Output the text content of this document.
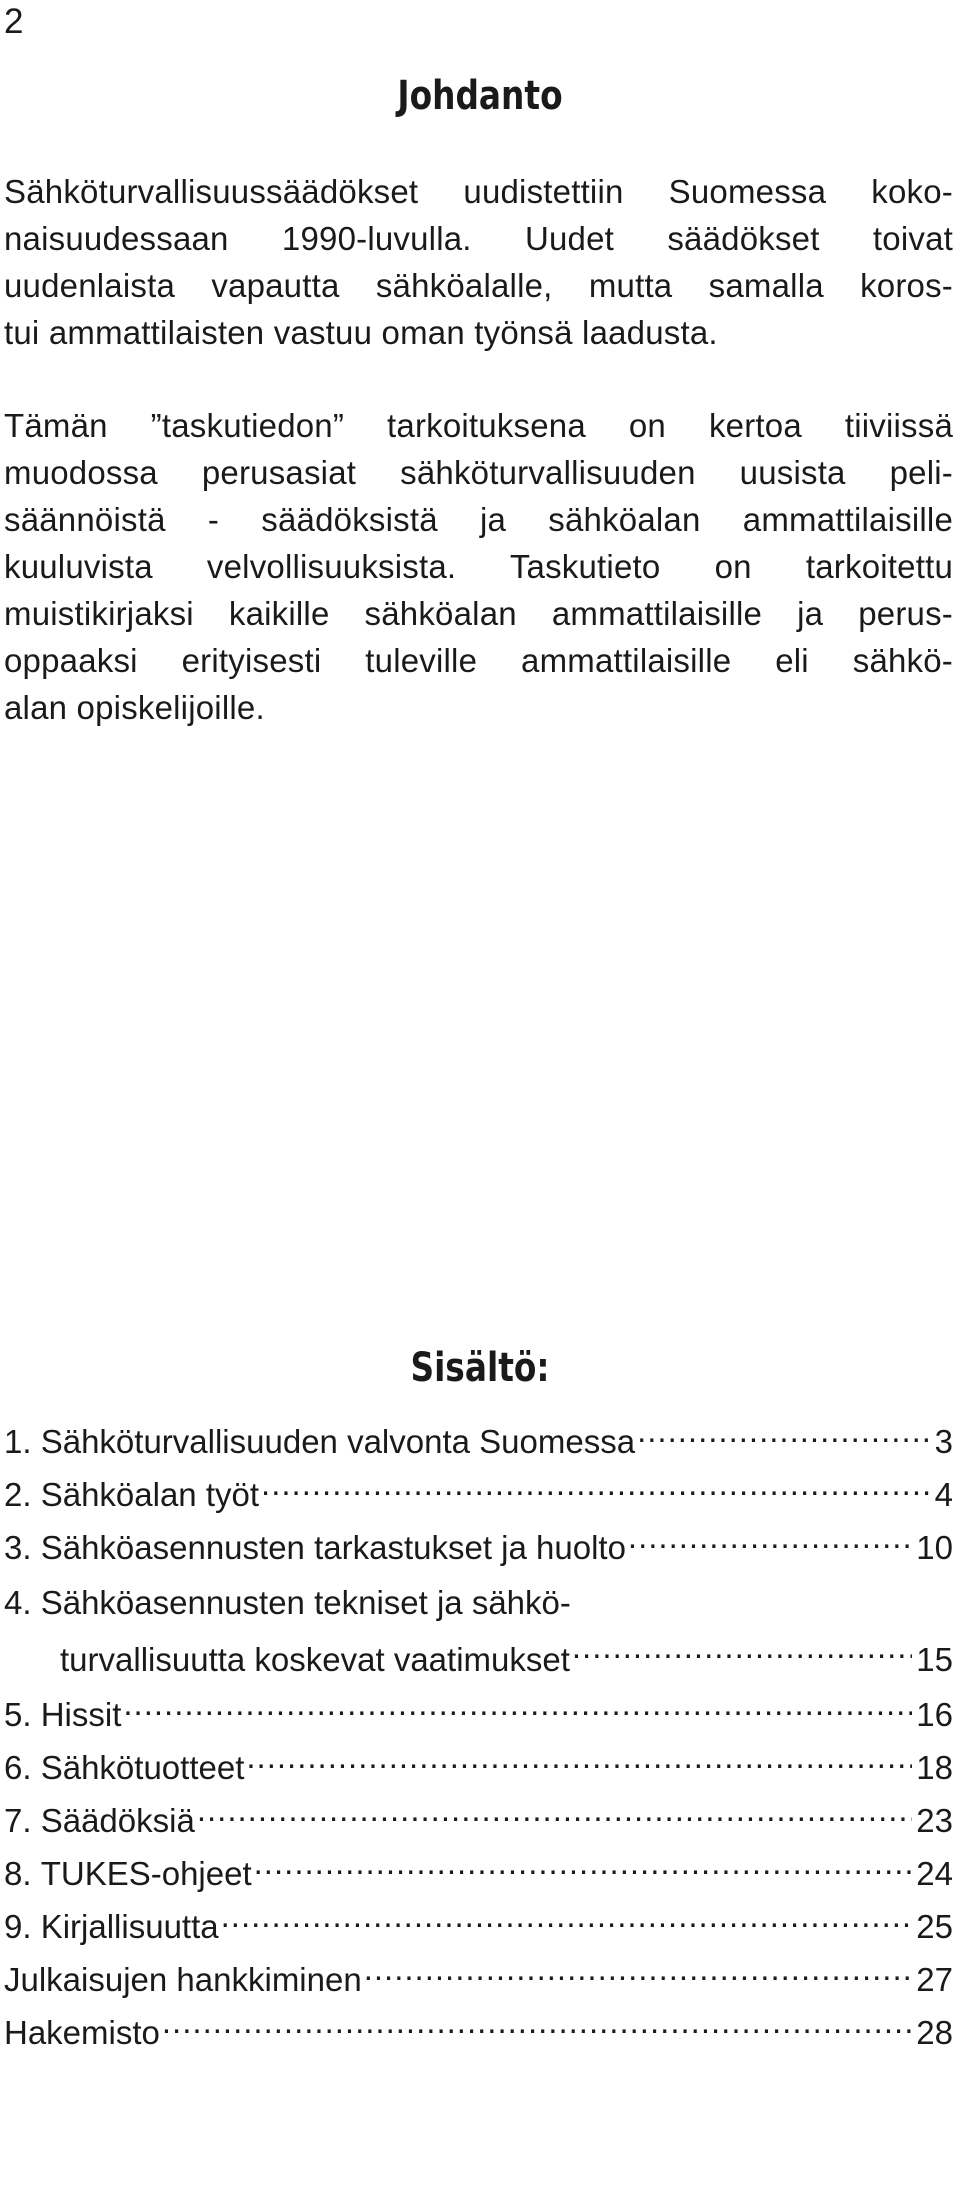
2
Johdanto
Sähköturvallisuussäädökset uudistettiin Suomessa koko-
naisuudessaan 1990-luvulla. Uudet säädökset toivat
uudenlaista vapautta sähköalalle, mutta samalla koros-
tui ammattilaisten vastuu oman työnsä laadusta.
Tämän ”taskutiedon” tarkoituksena on kertoa tiiviissä
muodossa perusasiat sähköturvallisuuden uusista peli-
säännöistä - säädöksistä ja sähköalan ammattilaisille
kuuluvista velvollisuuksista. Taskutieto on tarkoitettu
muistikirjaksi kaikille sähköalan ammattilaisille ja perus-
oppaaksi erityisesti tuleville ammattilaisille eli sähkö-
alan opiskelijoille.
Sisältö:
1.
Sähköturvallisuuden valvonta Suomessa .....	3
2.
Sähköalan työt .....	4
3.
Sähköasennusten tarkastukset ja huolto .....	10
4.
Sähköasennusten tekniset ja sähkö-
turvallisuutta koskevat vaatimukset .....	15
5.
Hissit .....	16
6.
Sähkötuotteet .....	18
7.
Säädöksiä .....	23
8.
TUKES-ohjeet .....	24
9.
Kirjallisuutta .....	25
Julkaisujen hankkiminen .....	27
Hakemisto .....	28
